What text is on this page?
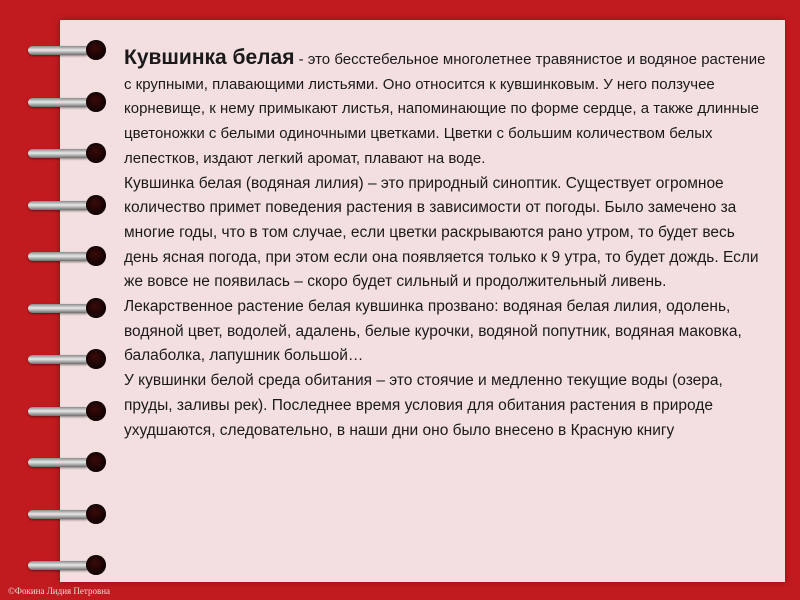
Кувшинка белая - это бесстебельное многолетнее травянистое и водяное растение с крупными, плавающими листьями. Оно относится к кувшинковым. У него ползучее корневище, к нему примыкают листья, напоминающие по форме сердце, а также длинные цветоножки с белыми одиночными цветками. Цветки с большим количеством белых лепестков, издают легкий аромат, плавают на воде.

Кувшинка белая (водяная лилия) – это природный синоптик. Существует огромное количество примет поведения растения в зависимости от погоды. Было замечено за многие годы, что в том случае, если цветки раскрываются рано утром, то будет весь день ясная погода, при этом если она появляется только к 9 утра, то будет дождь. Если же вовсе не появилась – скоро будет сильный и продолжительный ливень.

Лекарственное растение белая кувшинка прозвано: водяная белая лилия, одолень, водяной цвет, водолей, адалень, белые курочки, водяной попутник, водяная маковка, балаболка, лапушник большой…

У кувшинки белой среда обитания – это стоячие и медленно текущие воды (озера, пруды, заливы рек). Последнее время условия для обитания растения в природе ухудшаются, следовательно, в наши дни оно было внесено в Красную книгу

©Фокина Лидия Петровна
